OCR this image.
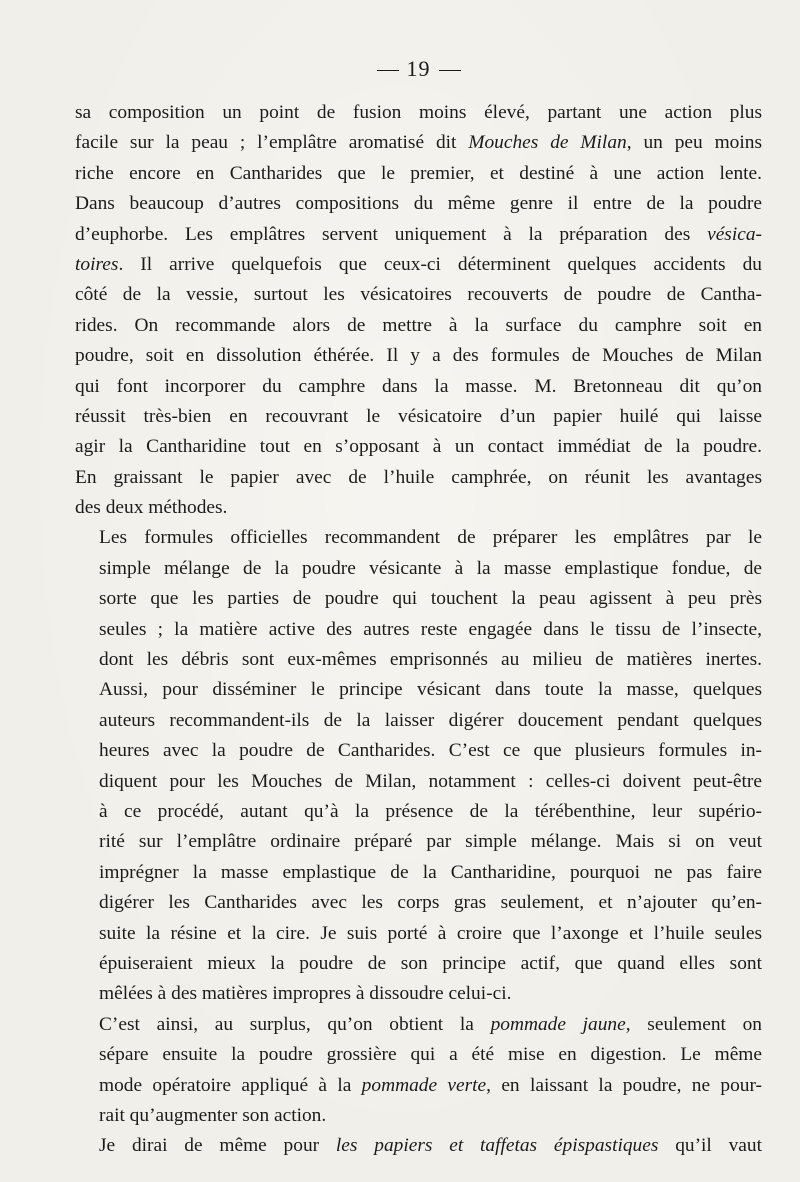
19

sa composition un point de fusion moins élevé, partant une action plus
facile sur la peau ; l’emplâtre aromatisé dit Mouches de Milan, un peu moins
riche encore en Cantharides que le premier, et destiné à une action lente.
Dans beaucoup d’autres compositions du même genre il entre de la poudre
d’euphorbe. Les emplâtres servent uniquement à la préparation des vésica-
toires. Il arrive quelquefois que ceux-ci déterminent quelques accidents du
côté de la vessie, surtout les vésicatoires recouverts de poudre de Cantha-
rides. On recommande alors de mettre à la surface du camphre soit en
poudre, soit en dissolution éthérée. Il y a des formules de Mouches de Milan
qui font incorporer du camphre dans la masse. M. Bretonneau dit qu’on
réussit très-bien en recouvrant le vésicatoire d’un papier huilé qui laisse
agir la Cantharidine tout en s’opposant à un contact immédiat de la poudre.
En graissant le papier avec de l’huile camphrée, on réunit les avantages
des deux méthodes.

Les formules officielles recommandent de préparer les emplâtres par le
simple mélange de la poudre vésicante à la masse emplastique fondue, de
sorte que les parties de poudre qui touchent la peau agissent à peu près
seules ; la matière active des autres reste engagée dans le tissu de l’insecte,
dont les débris sont eux-mêmes emprisonnés au milieu de matières inertes.
Aussi, pour disséminer le principe vésicant dans toute la masse, quelques
auteurs recommandent-ils de la laisser digérer doucement pendant quelques
heures avec la poudre de Cantharides. C’est ce que plusieurs formules in-
diquent pour les Mouches de Milan, notamment : celles-ci doivent peut-être
à ce procédé, autant qu’à la présence de la térébenthine, leur supério-
rité sur l’emplâtre ordinaire préparé par simple mélange. Mais si on veut
imprégner la masse emplastique de la Cantharidine, pourquoi ne pas faire
digérer les Cantharides avec les corps gras seulement, et n’ajouter qu’en-
suite la résine et la cire. Je suis porté à croire que l’axonge et l’huile seules
épuiseraient mieux la poudre de son principe actif, que quand elles sont
mêlées à des matières impropres à dissoudre celui-ci.

C’est ainsi, au surplus, qu’on obtient la pommade jaune, seulement on
sépare ensuite la poudre grossière qui a été mise en digestion. Le même
mode opératoire appliqué à la pommade verte, en laissant la poudre, ne pour-
rait qu’augmenter son action.

Je dirai de même pour les papiers et taffetas épispastiques qu’il vaut
